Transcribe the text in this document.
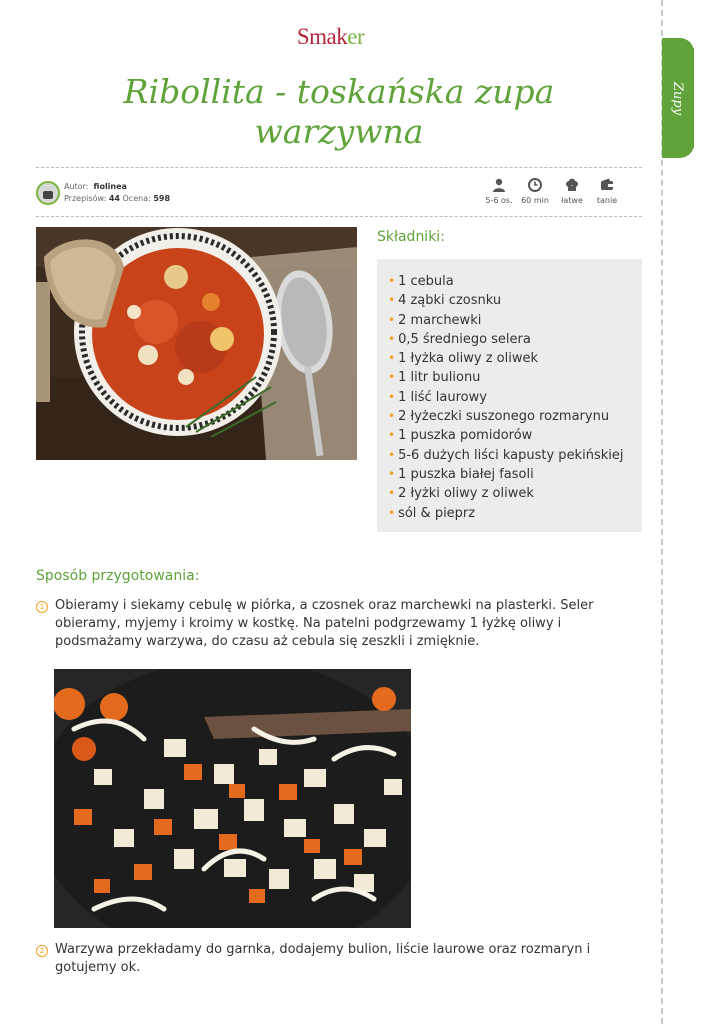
Zupy
Smaker
Ribollita - toskańska zupa
warzywna
Autor: fiolinea
Przepisów: 44 Ocena: 598	5-6 os.	60 min	łatwe	tanie
Składniki:
• 1 cebula
• 4 ząbki czosnku
• 2 marchewki
• 0,5 średniego selera
• 1 łyżka oliwy z oliwek
• 1 litr bulionu
• 1 liść laurowy
• 2 łyżeczki suszonego rozmarynu
• 1 puszka pomidorów
• 5-6 dużych liści kapusty pekińskiej
• 1 puszka białej fasoli
• 2 łyżki oliwy z oliwek
• sól & pieprz
Sposób przygotowania:
1 Obieramy i siekamy cebulę w piórka, a czosnek oraz marchewki na plasterki. Seler obieramy, myjemy i kroimy w kostkę. Na patelni podgrzewamy 1 łyżkę oliwy i podsmażamy warzywa, do czasu aż cebula się zeszkli i zmięknie.
2 Warzywa przekładamy do garnka, dodajemy bulion, liście laurowe oraz rozmaryn i gotujemy ok.
